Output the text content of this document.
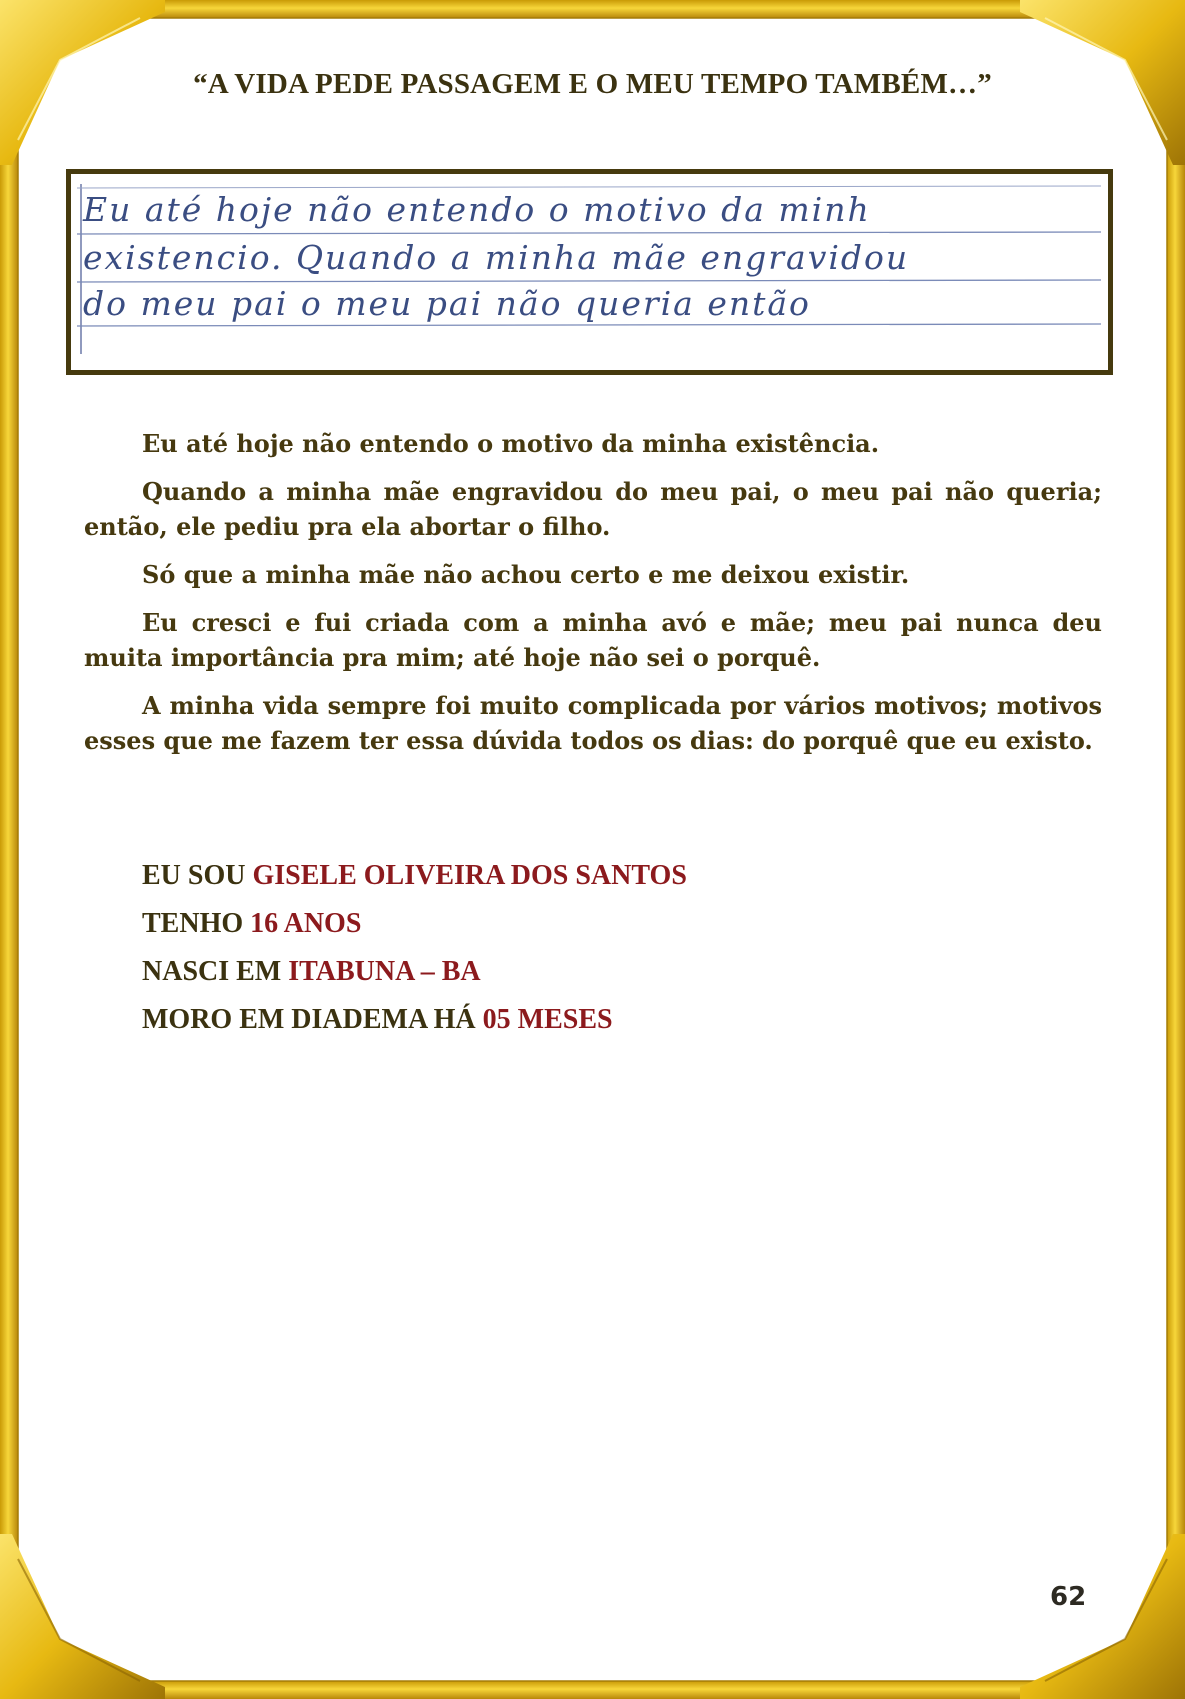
“A VIDA PEDE PASSAGEM E O MEU TEMPO TAMBÉM…”
Eu até hoje não entendo o motivo da minh
existencio. Quando a minha mãe engravidou
do meu pai o meu pai não queria então

Eu até hoje não entendo o motivo da minha existência.

Quando a minha mãe engravidou do meu pai, o meu pai não queria; então, ele pediu pra ela abortar o filho.

Só que a minha mãe não achou certo e me deixou existir.

Eu cresci e fui criada com a minha avó e mãe; meu pai nunca deu muita importância pra mim; até hoje não sei o porquê.

A minha vida sempre foi muito complicada por vários motivos; motivos esses que me fazem ter essa dúvida todos os dias: do porquê que eu existo.

EU SOU GISELE OLIVEIRA DOS SANTOS
TENHO 16 ANOS
NASCI EM ITABUNA – BA
MORO EM DIADEMA HÁ 05 MESES
62
